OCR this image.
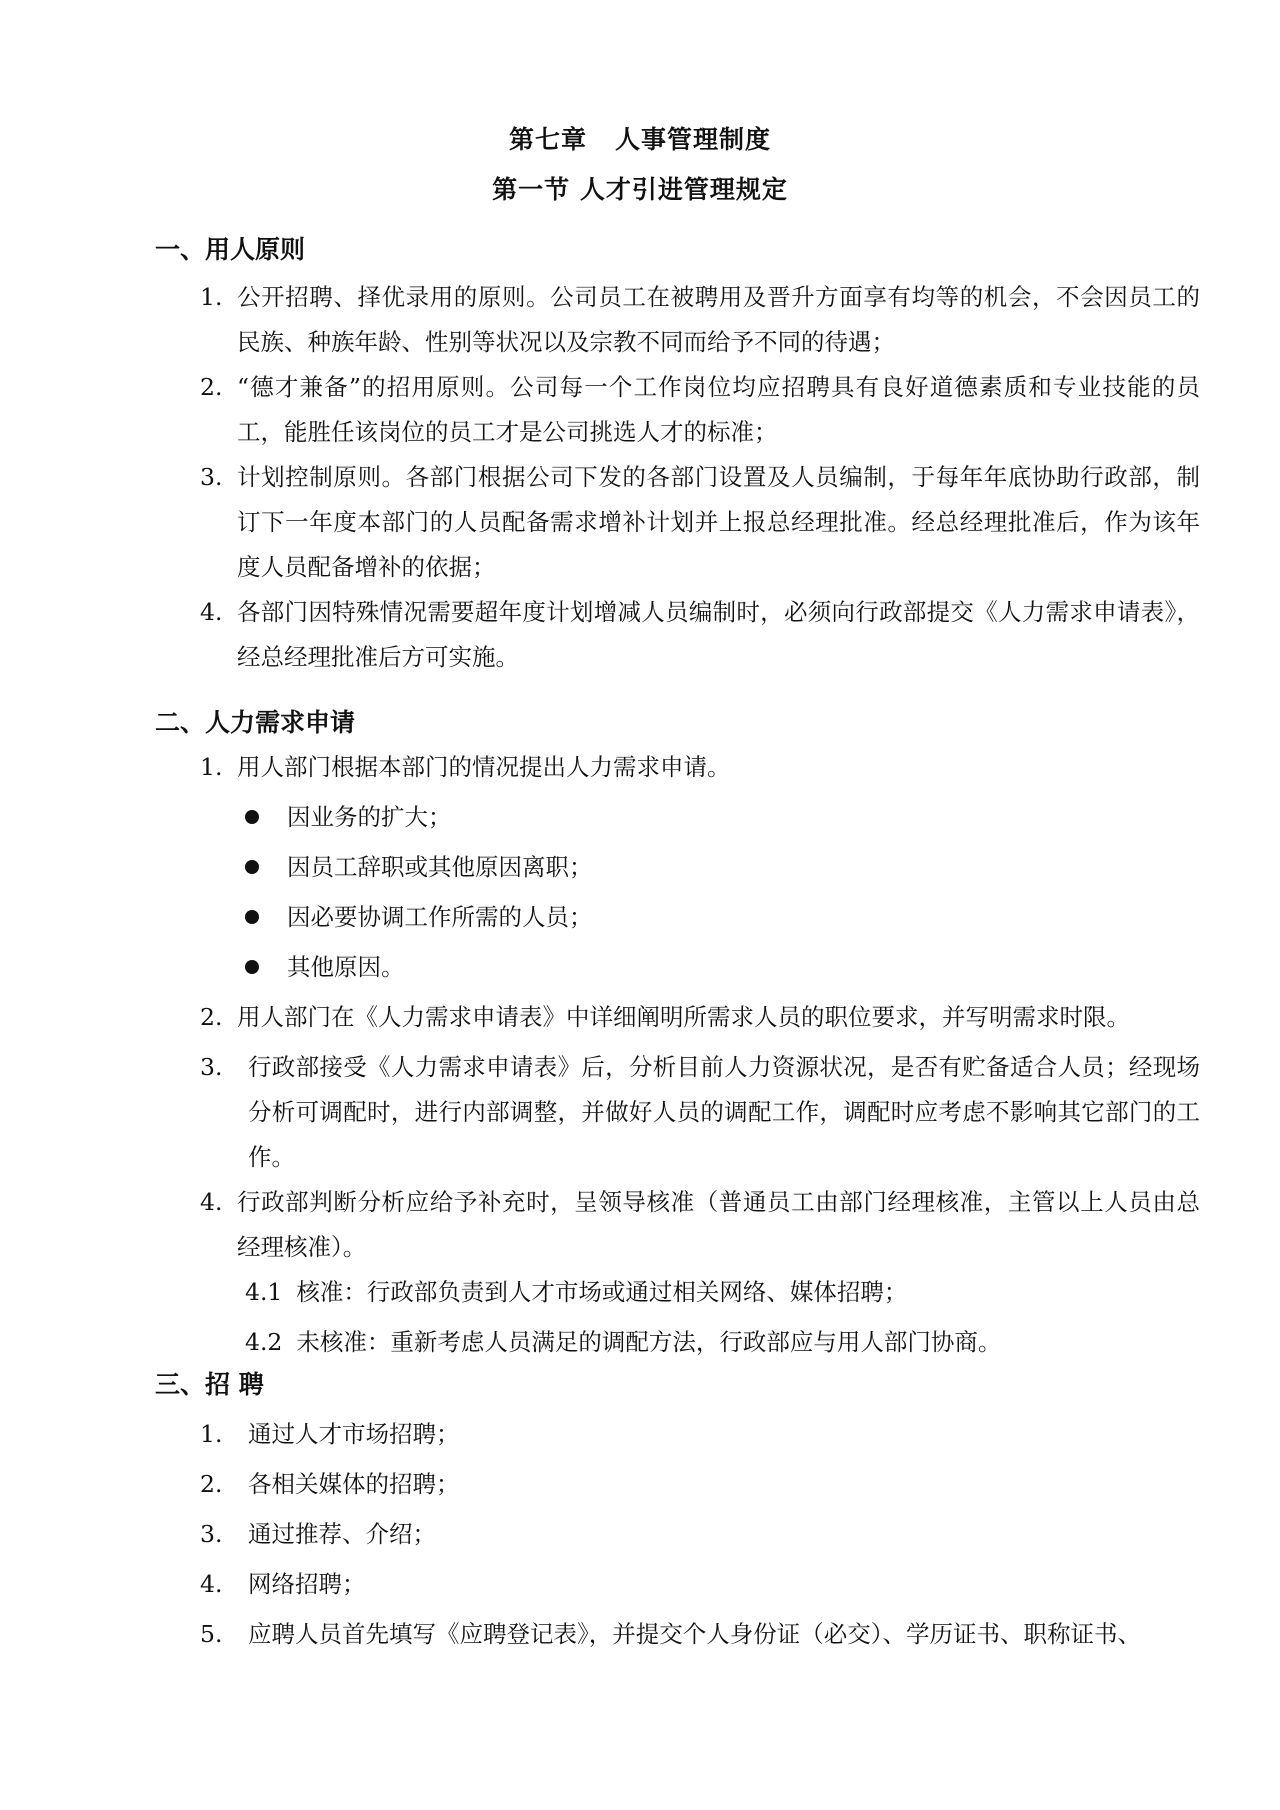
第七章 人事管理制度
第一节 人才引进管理规定
一、用人原则
1. 公开招聘、择优录用的原则。公司员工在被聘用及晋升方面享有均等的机会，不会因员工的民族、种族年龄、性别等状况以及宗教不同而给予不同的待遇；
2. “德才兼备”的招用原则。公司每一个工作岗位均应招聘具有良好道德素质和专业技能的员工，能胜任该岗位的员工才是公司挑选人才的标准；
3. 计划控制原则。各部门根据公司下发的各部门设置及人员编制，于每年年底协助行政部，制订下一年度本部门的人员配备需求增补计划并上报总经理批准。经总经理批准后，作为该年度人员配备增补的依据；
4. 各部门因特殊情况需要超年度计划增减人员编制时，必须向行政部提交《人力需求申请表》，经总经理批准后方可实施。
二、人力需求申请
1. 用人部门根据本部门的情况提出人力需求申请。
因业务的扩大；
因员工辞职或其他原因离职；
因必要协调工作所需的人员；
其他原因。
2. 用人部门在《人力需求申请表》中详细阐明所需求人员的职位要求，并写明需求时限。
3. 行政部接受《人力需求申请表》后，分析目前人力资源状况，是否有贮备适合人员；经现场分析可调配时，进行内部调整，并做好人员的调配工作，调配时应考虑不影响其它部门的工作。
4. 行政部判断分析应给予补充时，呈领导核准（普通员工由部门经理核准，主管以上人员由总经理核准）。
4.1 核准：行政部负责到人才市场或通过相关网络、媒体招聘；
4.2 未核准：重新考虑人员满足的调配方法，行政部应与用人部门协商。
三、招 聘
1. 通过人才市场招聘；
2. 各相关媒体的招聘；
3. 通过推荐、介绍；
4. 网络招聘；
5. 应聘人员首先填写《应聘登记表》，并提交个人身份证（必交）、学历证书、职称证书、
